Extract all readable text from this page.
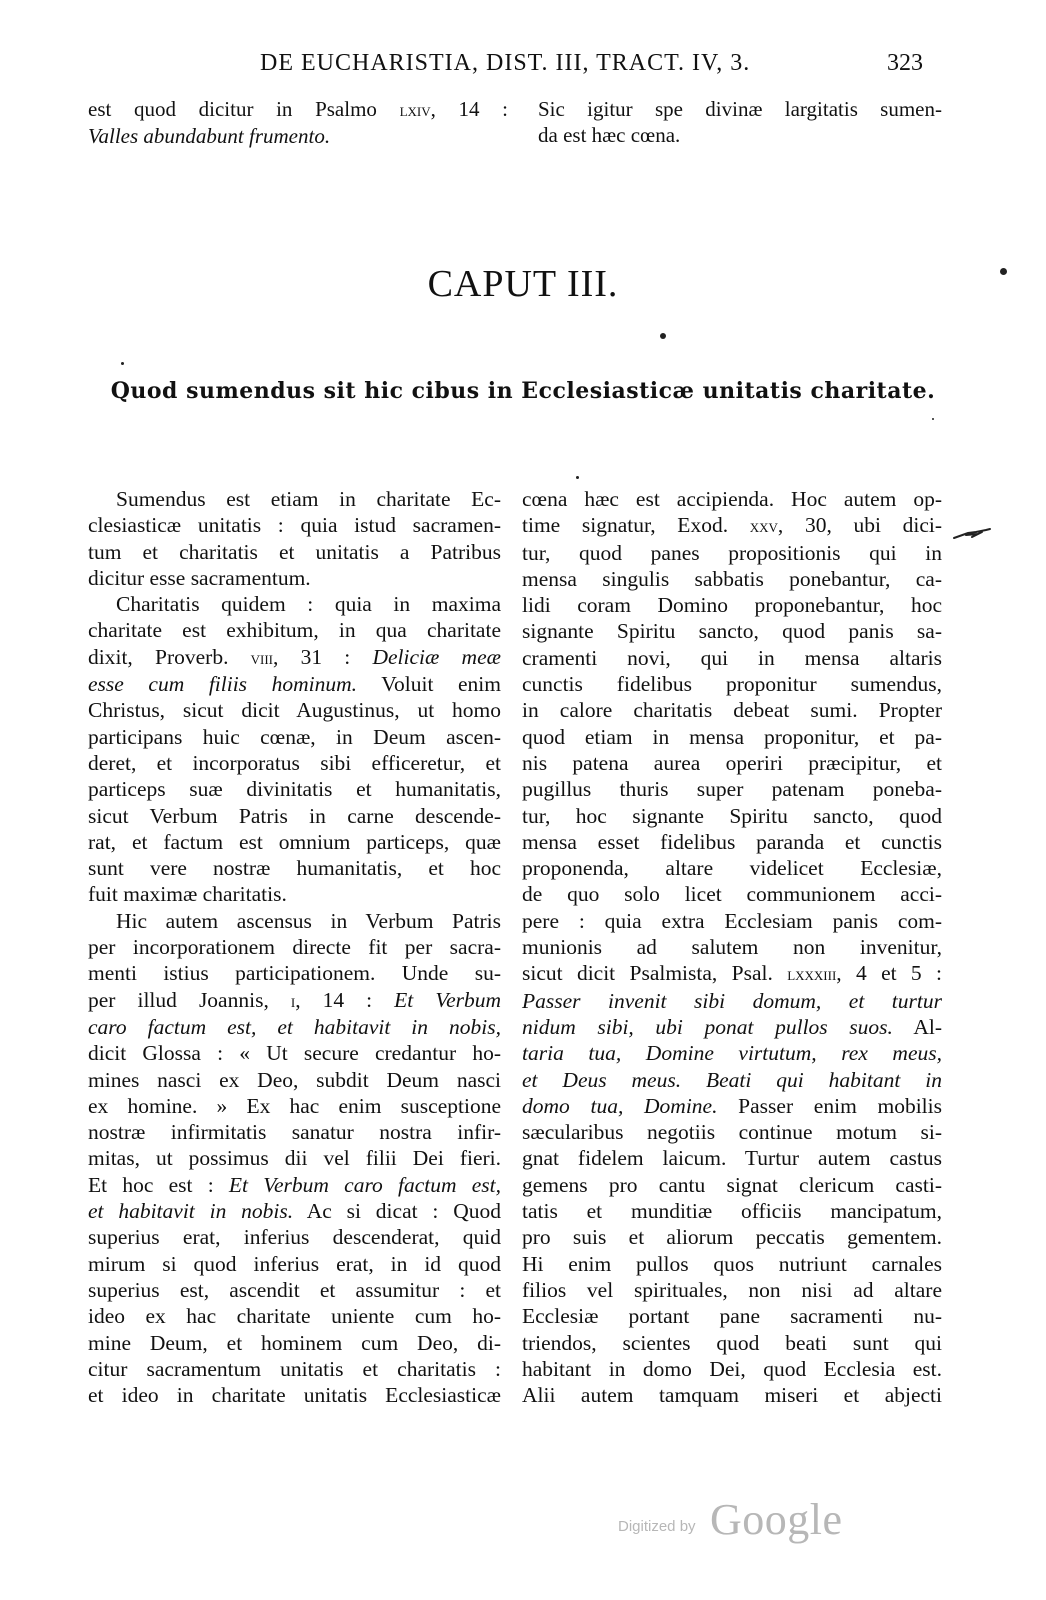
DE EUCHARISTIA, DIST. III, TRACT. IV, 3.	323
est quod dicitur in Psalmo lxiv, 14 :
Valles abundabunt frumento.
Sic igitur spe divinæ largitatis sumen-
da est hæc cœna.
CAPUT III.
Quod sumendus sit hic cibus in Ecclesiasticæ unitatis charitate.
Sumendus est etiam in charitate Ec-
clesiasticæ unitatis : quia istud sacramen-
tum et charitatis et unitatis a Patribus
dicitur esse sacramentum.
Charitatis quidem : quia in maxima
charitate est exhibitum, in qua charitate
dixit, Proverb. viii, 31 : Deliciæ meæ
esse cum filiis hominum. Voluit enim
Christus, sicut dicit Augustinus, ut homo
participans huic cœnæ, in Deum ascen-
deret, et incorporatus sibi efficeretur, et
particeps suæ divinitatis et humanitatis,
sicut Verbum Patris in carne descende-
rat, et factum est omnium particeps, quæ
sunt vere nostræ humanitatis, et hoc
fuit maximæ charitatis.
Hic autem ascensus in Verbum Patris
per incorporationem directe fit per sacra-
menti istius participationem. Unde su-
per illud Joannis, i, 14 : Et Verbum
caro factum est, et habitavit in nobis,
dicit Glossa : « Ut secure credantur ho-
mines nasci ex Deo, subdit Deum nasci
ex homine. » Ex hac enim susceptione
nostræ infirmitatis sanatur nostra infir-
mitas, ut possimus dii vel filii Dei fieri.
Et hoc est : Et Verbum caro factum est,
et habitavit in nobis. Ac si dicat : Quod
superius erat, inferius descenderat, quid
mirum si quod inferius erat, in id quod
superius est, ascendit et assumitur : et
ideo ex hac charitate uniente cum ho-
mine Deum, et hominem cum Deo, di-
citur sacramentum unitatis et charitatis :
et ideo in charitate unitatis Ecclesiasticæ
cœna hæc est accipienda. Hoc autem op-
time signatur, Exod. xxv, 30, ubi dici-
tur, quod panes propositionis qui in
mensa singulis sabbatis ponebantur, ca-
lidi coram Domino proponebantur, hoc
signante Spiritu sancto, quod panis sa-
cramenti novi, qui in mensa altaris
cunctis fidelibus proponitur sumendus,
in calore charitatis debeat sumi. Propter
quod etiam in mensa proponitur, et pa-
nis patena aurea operiri præcipitur, et
pugillus thuris super patenam poneba-
tur, hoc signante Spiritu sancto, quod
mensa esset fidelibus paranda et cunctis
proponenda, altare videlicet Ecclesiæ,
de quo solo licet communionem acci-
pere : quia extra Ecclesiam panis com-
munionis ad salutem non invenitur,
sicut dicit Psalmista, Psal. lxxxiii, 4 et 5 :
Passer invenit sibi domum, et turtur
nidum sibi, ubi ponat pullos suos. Al-
taria tua, Domine virtutum, rex meus,
et Deus meus. Beati qui habitant in
domo tua, Domine. Passer enim mobilis
sæcularibus negotiis continue motum si-
gnat fidelem laicum. Turtur autem castus
gemens pro cantu signat clericum casti-
tatis et munditiæ officiis mancipatum,
pro suis et aliorum peccatis gementem.
Hi enim pullos quos nutriunt carnales
filios vel spirituales, non nisi ad altare
Ecclesiæ portant pane sacramenti nu-
triendos, scientes quod beati sunt qui
habitant in domo Dei, quod Ecclesia est.
Alii autem tamquam miseri et abjecti
Digitized by Google
